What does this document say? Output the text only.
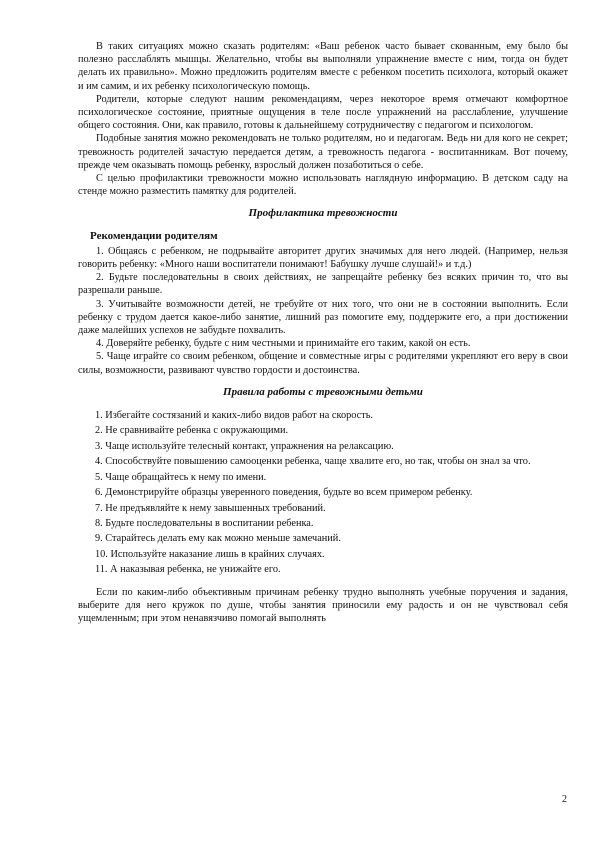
В таких ситуациях можно сказать родителям: «Ваш ребенок часто бывает скованным, ему было бы полезно расслаблять мышцы. Желательно, чтобы вы выполняли упражнение вместе с ним, тогда он будет делать их правильно». Можно предложить родителям вместе с ребенком посетить психолога, который окажет и им самим, и их ребенку психологическую помощь.

Родители, которые следуют нашим рекомендациям, через некоторое время отмечают комфортное психологическое состояние, приятные ощущения в теле после упражнений на расслабление, улучшение общего состояния. Они, как правило, готовы к дальнейшему сотрудничеству с педагогом и психологом.

Подобные занятия можно рекомендовать не только родителям, но и педагогам. Ведь ни для кого не секрет; тревожность родителей зачастую передается детям, а тревожность педагога - воспитанникам. Вот почему, прежде чем оказывать помощь ребенку, взрослый должен позаботиться о себе.

С целью профилактики тревожности можно использовать наглядную информацию. В детском саду на стенде можно разместить памятку для родителей.

Профилактика тревожности
Рекомендации родителям

1. Общаясь с ребенком, не подрывайте авторитет других значимых для него людей. (Например, нельзя говорить ребенку: «Много наши воспитатели понимают! Бабушку лучше слушай!» и т.д.)

2. Будьте последовательны в своих действиях, не запрещайте ребенку без всяких причин то, что вы разрешали раньше.

3. Учитывайте возможности детей, не требуйте от них того, что они не в состоянии выполнить. Если ребенку с трудом дается какое-либо занятие, лишний раз помогите ему, поддержите его, а при достижении даже малейших успехов не забудьте похвалить.

4. Доверяйте ребенку, будьте с ним честными и принимайте его таким, какой он есть.

5. Чаще играйте со своим ребенком, общение и совместные игры с родителями укрепляют его веру в свои силы, возможности, развивают чувство гордости и достоинства.

Правила работы с тревожными детьми
1. Избегайте состязаний и каких-либо видов работ на скорость.
2. Не сравнивайте ребенка с окружающими.
3. Чаще используйте телесный контакт, упражнения на релаксацию.
4. Способствуйте повышению самооценки ребенка, чаще хвалите его, но так, чтобы он знал за что.
5. Чаще обращайтесь к нему по имени.
6. Демонстрируйте образцы уверенного поведения, будьте во всем примером ребенку.
7. Не предъявляйте к нему завышенных требований.
8. Будьте последовательны в воспитании ребенка.
9. Старайтесь делать ему как можно меньше замечаний.
10. Используйте наказание лишь в крайних случаях.
11. А наказывая ребенка, не унижайте его.

Если по каким-либо объективным причинам ребенку трудно выполнять учебные поручения и задания, выберите для него кружок по душе, чтобы занятия приносили ему радость и он не чувствовал себя ущемленным; при этом ненавязчиво помогай выполнять

2
